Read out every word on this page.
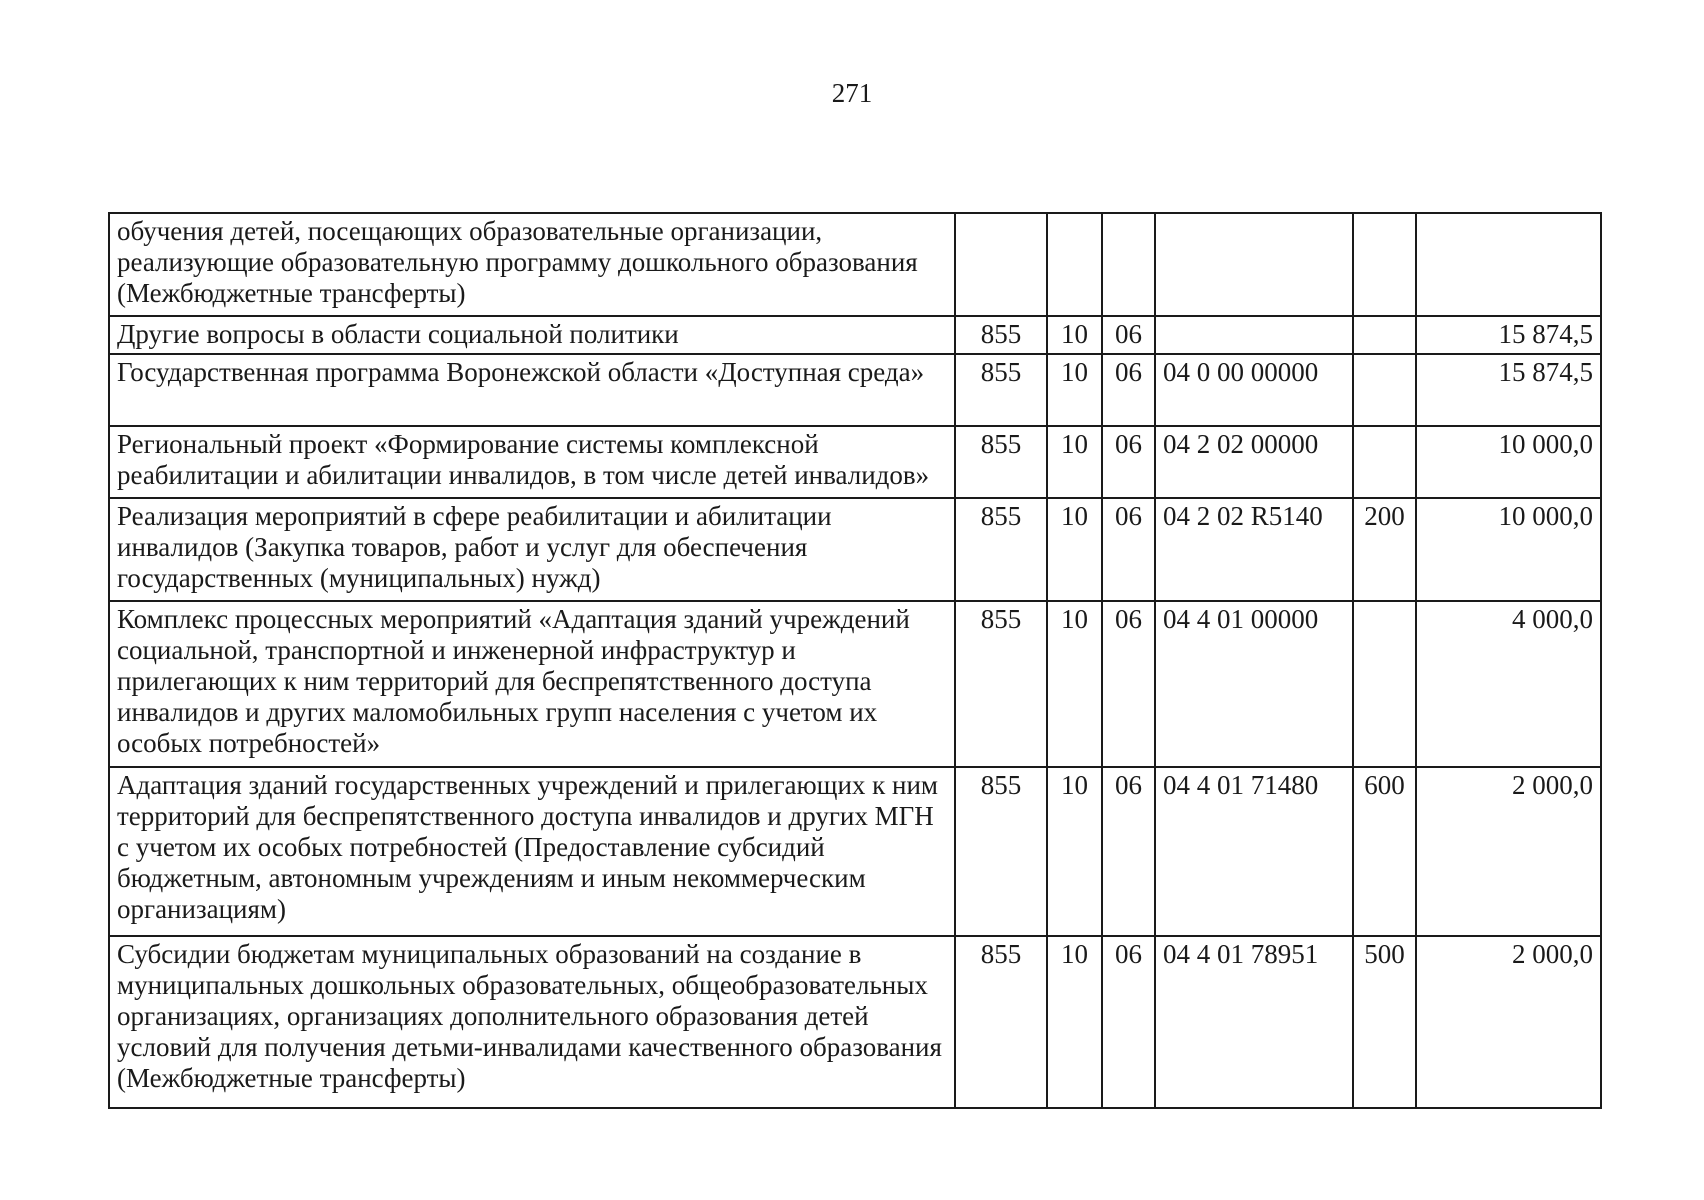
271
обучения детей, посещающих образовательные организации, реализующие образовательную программу дошкольного образования (Межбюджетные трансферты)						
Другие вопросы в области социальной политики	855	10	06			15 874,5
Государственная программа Воронежской области «Доступная среда»	855	10	06	04 0 00 00000		15 874,5
Региональный проект «Формирование системы комплексной реабилитации и абилитации инвалидов, в том числе детей инвалидов»	855	10	06	04 2 02 00000		10 000,0
Реализация мероприятий в сфере реабилитации и абилитации инвалидов (Закупка товаров, работ и услуг для обеспечения государственных (муниципальных) нужд)	855	10	06	04 2 02 R5140	200	10 000,0
Комплекс процессных мероприятий «Адаптация зданий учреждений социальной, транспортной и инженерной инфраструктур и прилегающих к ним территорий для беспрепятственного доступа инвалидов и других маломобильных групп населения с учетом их особых потребностей»	855	10	06	04 4 01 00000		4 000,0
Адаптация зданий государственных учреждений и прилегающих к ним территорий для беспрепятственного доступа инвалидов и других МГН с учетом их особых потребностей (Предоставление субсидий бюджетным, автономным учреждениям и иным некоммерческим организациям)	855	10	06	04 4 01 71480	600	2 000,0
Субсидии бюджетам муниципальных образований на создание в муниципальных дошкольных образовательных, общеобразовательных организациях, организациях дополнительного образования детей условий для получения детьми-инвалидами качественного образования (Межбюджетные трансферты)	855	10	06	04 4 01 78951	500	2 000,0
